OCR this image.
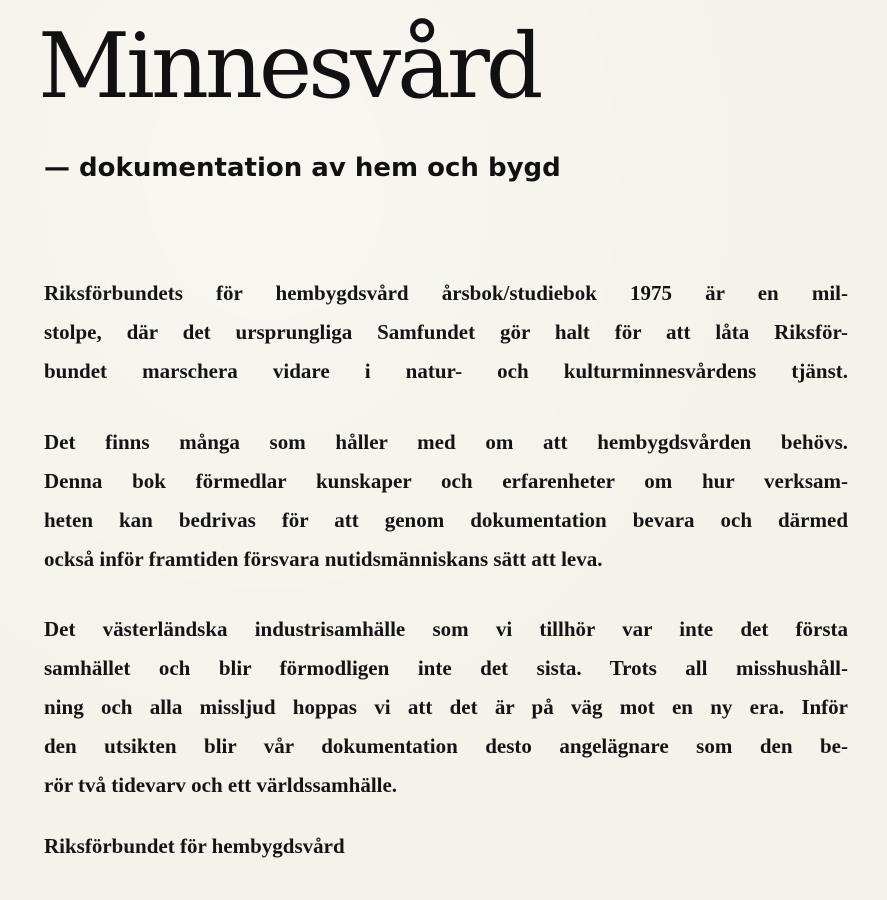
Minnesvård
— dokumentation av hem och bygd
Riksförbundets för hembygdsvård årsbok/studiebok 1975 är en mil-
stolpe, där det ursprungliga Samfundet gör halt för att låta Riksför-
bundet marschera vidare i natur- och kulturminnesvårdens tjänst.
Det finns många som håller med om att hembygdsvården behövs.
Denna bok förmedlar kunskaper och erfarenheter om hur verksam-
heten kan bedrivas för att genom dokumentation bevara och därmed
också inför framtiden försvara nutidsmänniskans sätt att leva.
Det västerländska industrisamhälle som vi tillhör var inte det första
samhället och blir förmodligen inte det sista. Trots all misshushåll-
ning och alla missljud hoppas vi att det är på väg mot en ny era. Inför
den utsikten blir vår dokumentation desto angelägnare som den be-
rör två tidevarv och ett världssamhälle.
Riksförbundet för hembygdsvård
